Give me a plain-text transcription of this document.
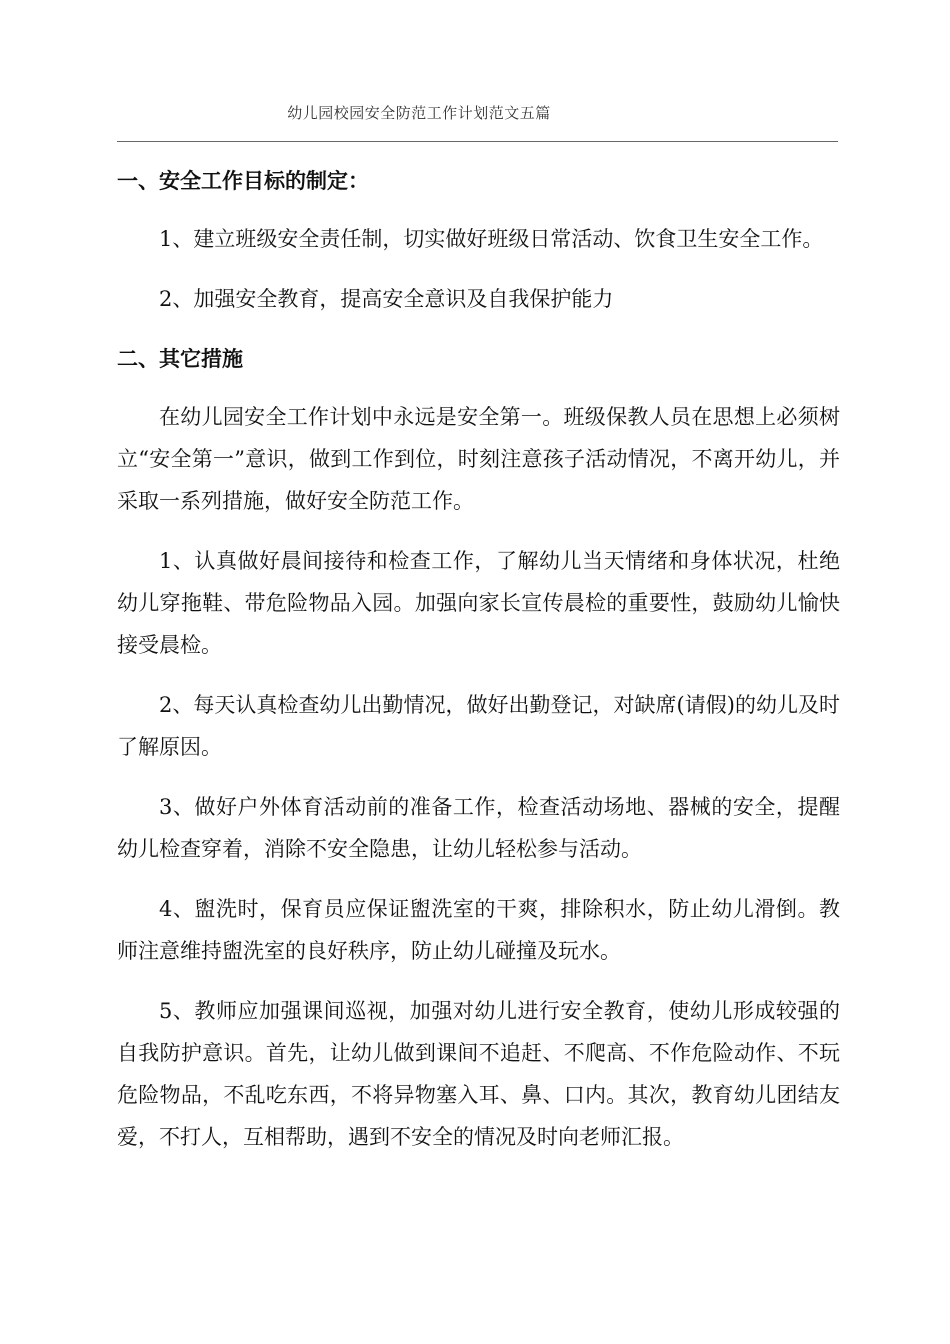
幼儿园校园安全防范工作计划范文五篇

一、安全工作目标的制定：

1、建立班级安全责任制，切实做好班级日常活动、饮食卫生安全工作。

2、加强安全教育，提高安全意识及自我保护能力

二、其它措施

在幼儿园安全工作计划中永远是安全第一。班级保教人员在思想上必须树立“安全第一”意识，做到工作到位，时刻注意孩子活动情况，不离开幼儿，并采取一系列措施，做好安全防范工作。

1、认真做好晨间接待和检查工作，了解幼儿当天情绪和身体状况，杜绝幼儿穿拖鞋、带危险物品入园。加强向家长宣传晨检的重要性，鼓励幼儿愉快接受晨检。

2、每天认真检查幼儿出勤情况，做好出勤登记，对缺席(请假)的幼儿及时了解原因。

3、做好户外体育活动前的准备工作，检查活动场地、器械的安全，提醒幼儿检查穿着，消除不安全隐患，让幼儿轻松参与活动。

4、盥洗时，保育员应保证盥洗室的干爽，排除积水，防止幼儿滑倒。教师注意维持盥洗室的良好秩序，防止幼儿碰撞及玩水。

5、教师应加强课间巡视，加强对幼儿进行安全教育，使幼儿形成较强的自我防护意识。首先，让幼儿做到课间不追赶、不爬高、不作危险动作、不玩危险物品，不乱吃东西，不将异物塞入耳、鼻、口内。其次，教育幼儿团结友爱，不打人，互相帮助，遇到不安全的情况及时向老师汇报。
